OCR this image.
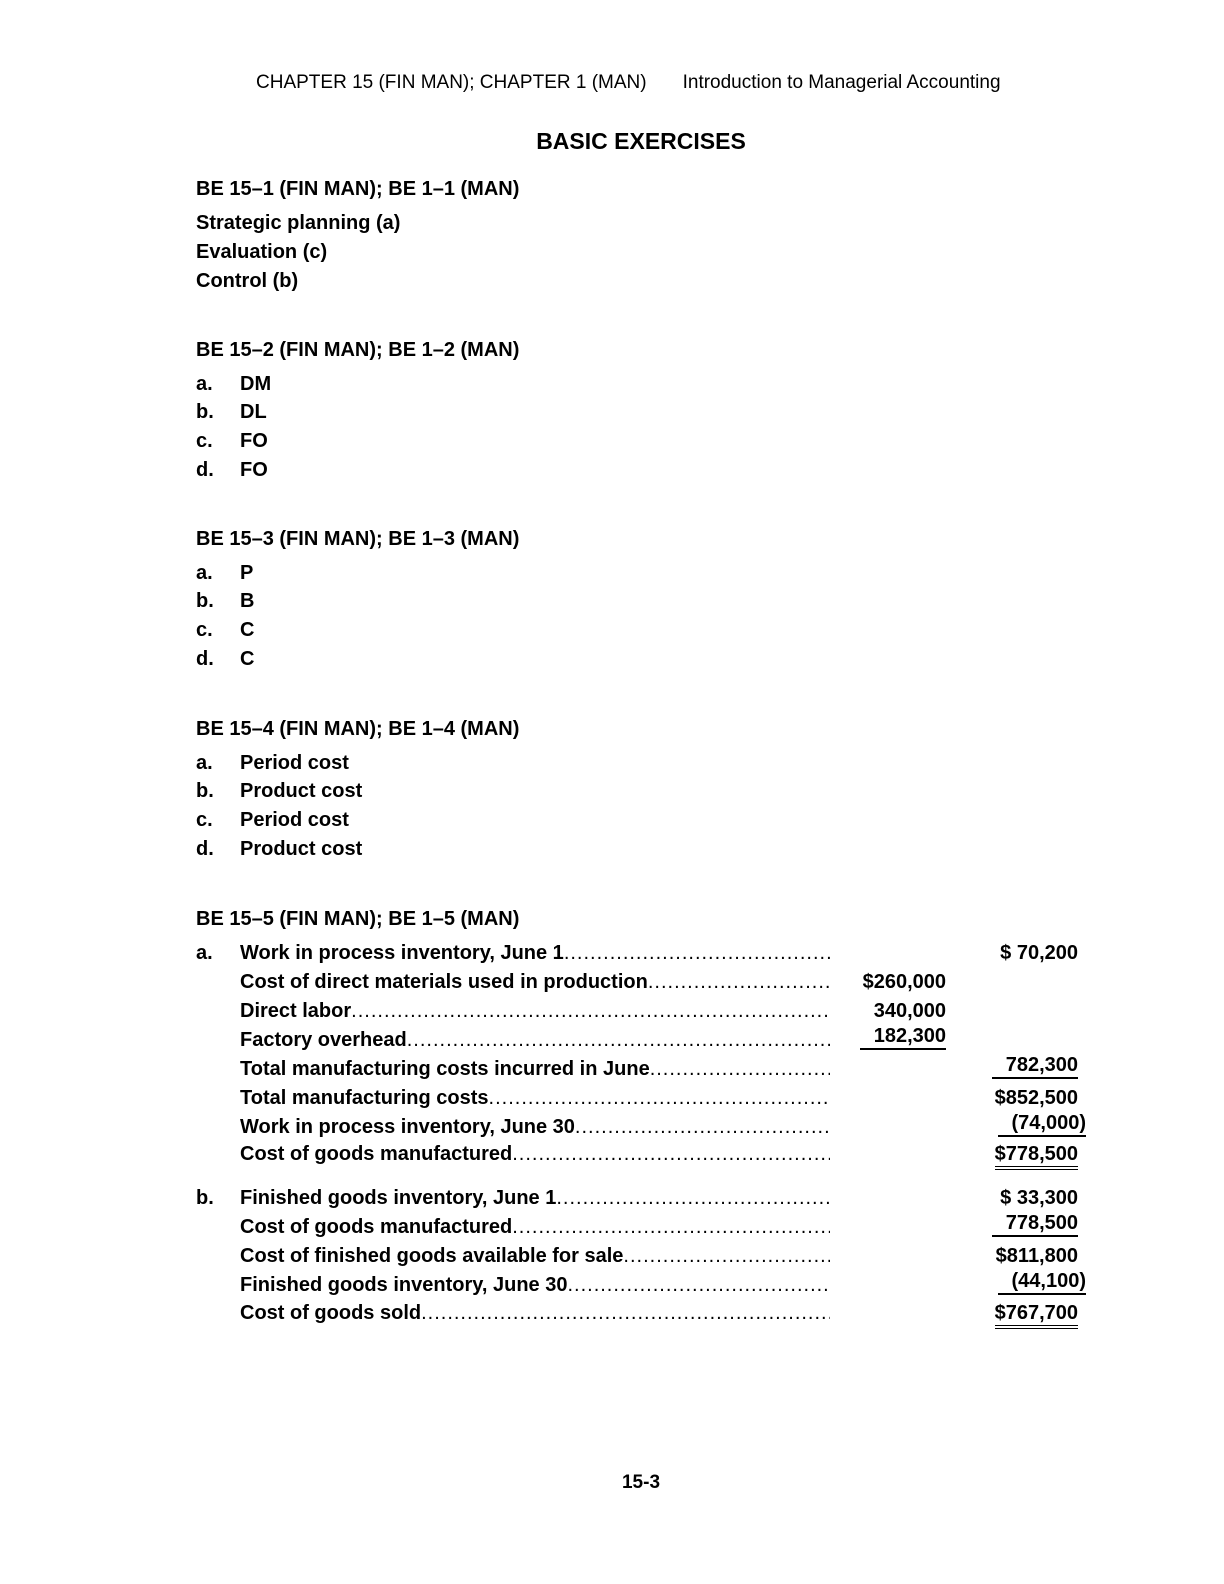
CHAPTER 15 (FIN MAN); CHAPTER 1 (MAN) Introduction to Managerial Accounting
BASIC EXERCISES
BE 15–1 (FIN MAN); BE 1–1 (MAN)
Strategic planning (a)
Evaluation (c)
Control (b)
BE 15–2 (FIN MAN); BE 1–2 (MAN)
a. DM
b. DL
c. FO
d. FO
BE 15–3 (FIN MAN); BE 1–3 (MAN)
a. P
b. B
c. C
d. C
BE 15–4 (FIN MAN); BE 1–4 (MAN)
a. Period cost
b. Product cost
c. Period cost
d. Product cost
BE 15–5 (FIN MAN); BE 1–5 (MAN)
a.	Work in process inventory, June 1 .....	$ 70,200
Cost of direct materials used in production .....	$260,000
Direct labor .....	340,000
Factory overhead .....	182,300
Total manufacturing costs incurred in June .....	782,300
Total manufacturing costs .....	$852,500
Work in process inventory, June 30 .....	(74,000)
Cost of goods manufactured .....	$778,500
b.	Finished goods inventory, June 1 .....	$ 33,300
Cost of goods manufactured .....	778,500
Cost of finished goods available for sale .....	$811,800
Finished goods inventory, June 30 .....	(44,100)
Cost of goods sold .....	$767,700
15-3
